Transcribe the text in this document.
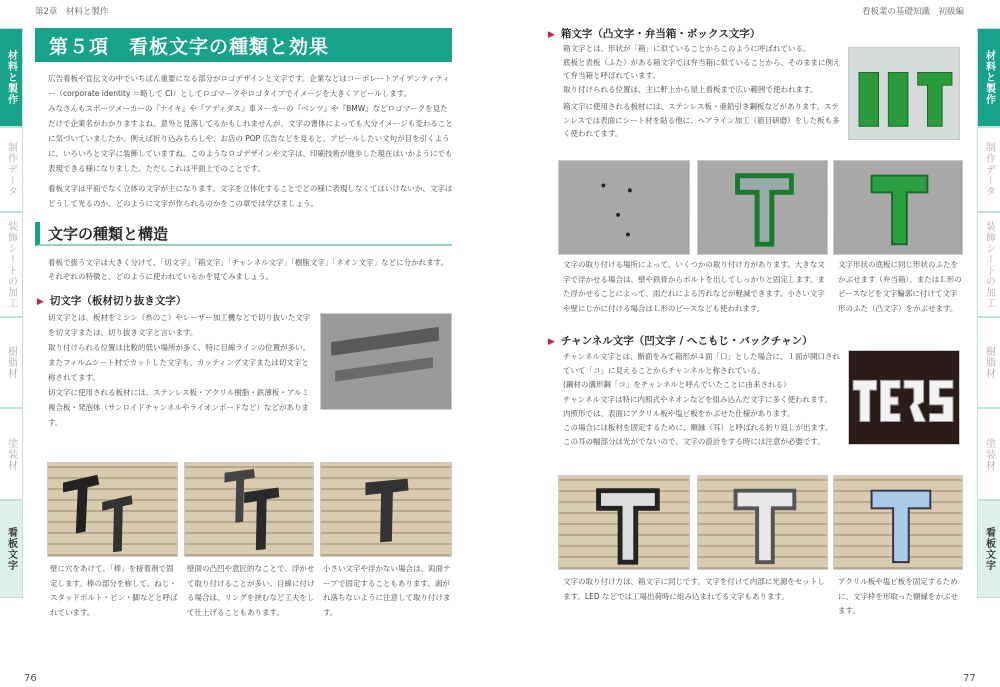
第2章　材料と製作
第５項　看板文字の種類と効果
広告看板や宣伝文の中でいちばん重要になる部分がロゴデザインと文字です。企業などはコーポレートアイデンティティー（corporate identity ＝略して CI）としてロゴマークやロゴタイプでイメージを大きくアピールします。
みなさんもスポーツメーカーの『ナイキ』や『アディダス』車メーカーの『ベンツ』や『BMW』などロゴマークを見ただけで企業名がわかりますよね。意外と見落してるかもしれませんが、文字の書体によっても大分イメージも変わることに気づいていましたか。例えば折り込みちらしや、お店の POP 広告などを見ると、アピールしたい文句が目を引くように、いろいろと文字に装飾していますね。このようなロゴデザインや文字は、印刷技術が進歩した現在はいかようにでも表現できる様になりました。ただしこれは平面上でのことです。
看板文字は平面でなく立体の文字が主になります。文字を立体化することでどの様に表現しなくてはいけないか、文字はどうして光るのか、どのように文字が作られるのかをこの章では学びましょう。
文字の種類と構造
看板で扱う文字は大きく分けて、「切文字」「箱文字」「チャンネル文字」「樹脂文字」「ネオン文字」などに分かれます。
それぞれの特徴と、どのように使われているかを見てみましょう。
▶ 切文字（板材切り抜き文字）
切文字とは、板材をミシン（糸のこ）やレーザー加工機などで切り抜いた文字を切文字または、切り抜き文字と言います。
取り付けられる位置は比較的低い場所が多く、特に目線ラインの位置が多い。またフィルムシート材でカットした文字も、カッティング文字または切文字と称されてます。
切文字に使用される板材には、ステンレス板・アクリル樹脂・鉄薄板・アルミ複合板・発泡体（サンロイドチャンネルやライオンボードなど）などがあります。
壁に穴をあけて、「棒」を接着剤で固定します。棒の部分を称して、ねじ・スタッドボルト・ピン・脚などと呼ばれています。
壁面の凸凹や意匠的なことで、浮かせて取り付けることが多い。目線に付ける場合は、リングを挟むなど工夫をして仕上げることもあります。
小さい文字や浮かない場合は、両面テープで固定することもあります。剥がれ落ちないように注意して取り付けます。
76
材料と製作
制作データ
装飾シートの加工
樹脂材
塗装材
看板文字
看板業の基礎知識　初級編
▶ 箱文字（凸文字・弁当箱・ボックス文字）
箱文字とは、形状が「箱」に似ていることからこのように呼ばれている。
底板と表板（ふた）がある箱文字では弁当箱に似ていることから、そのままに例えて弁当箱と呼ばれています。
取り付けられる位置は、主に軒上から屋上看板まで広い範囲で使われます。
箱文字に使用される板材には、ステンレス板・亜鉛引き鋼板などがあります。ステンレスでは表面にシート材を貼る他に、ヘアライン加工（筋目研磨）をした板も多く使われてます。
文字の取り付ける場所によって、いくつかの取り付け方があります。大きな文字で浮かせる場合は、壁や鉄骨からボルトを出してしっかりと固定します。また浮かせることによって、雨だれによる汚れなどが軽減できます。小さい文字や壁にじかに付ける場合はＬ形のピースなども使われます。
文字形状の底板に同じ形状のふたをかぶせます（弁当箱）、またはＬ形のピースなどを文字輪郭に付けて文字形のふた（凸文字）をかぶせます。
▶ チャンネル文字（凹文字 / へこもじ・バックチャン）
チャンネル文字とは、断面をみて箱形が４面「口」とした場合に、１面が開口されていて「コ」に見えることからチャンネルと称されている。
(鋼材の溝形鋼「コ」をチャンネルと呼んでいたことに由来される）
チャンネル文字は特に内照式やネオンなどを組み込んだ文字に多く使われます。
内照形では、表面にアクリル板や塩ビ板をかぶせた仕様があります。
この場合には板材を固定するために、額縁（耳）と呼ばれる折り返しが出ます。
この耳の幅部分は光がでないので、文字の設計をする時には注意が必要です。
文字の取り付け方は、箱文字に同じです。文字を付けて内部に光源をセットします。LED などでは工場出荷時に組み込まれてる文字もあります。
アクリル板や塩ビ板を固定するために、文字枠を形取った額縁をかぶせます。
77
材料と製作
制作データ
装飾シートの加工
樹脂材
塗装材
看板文字
